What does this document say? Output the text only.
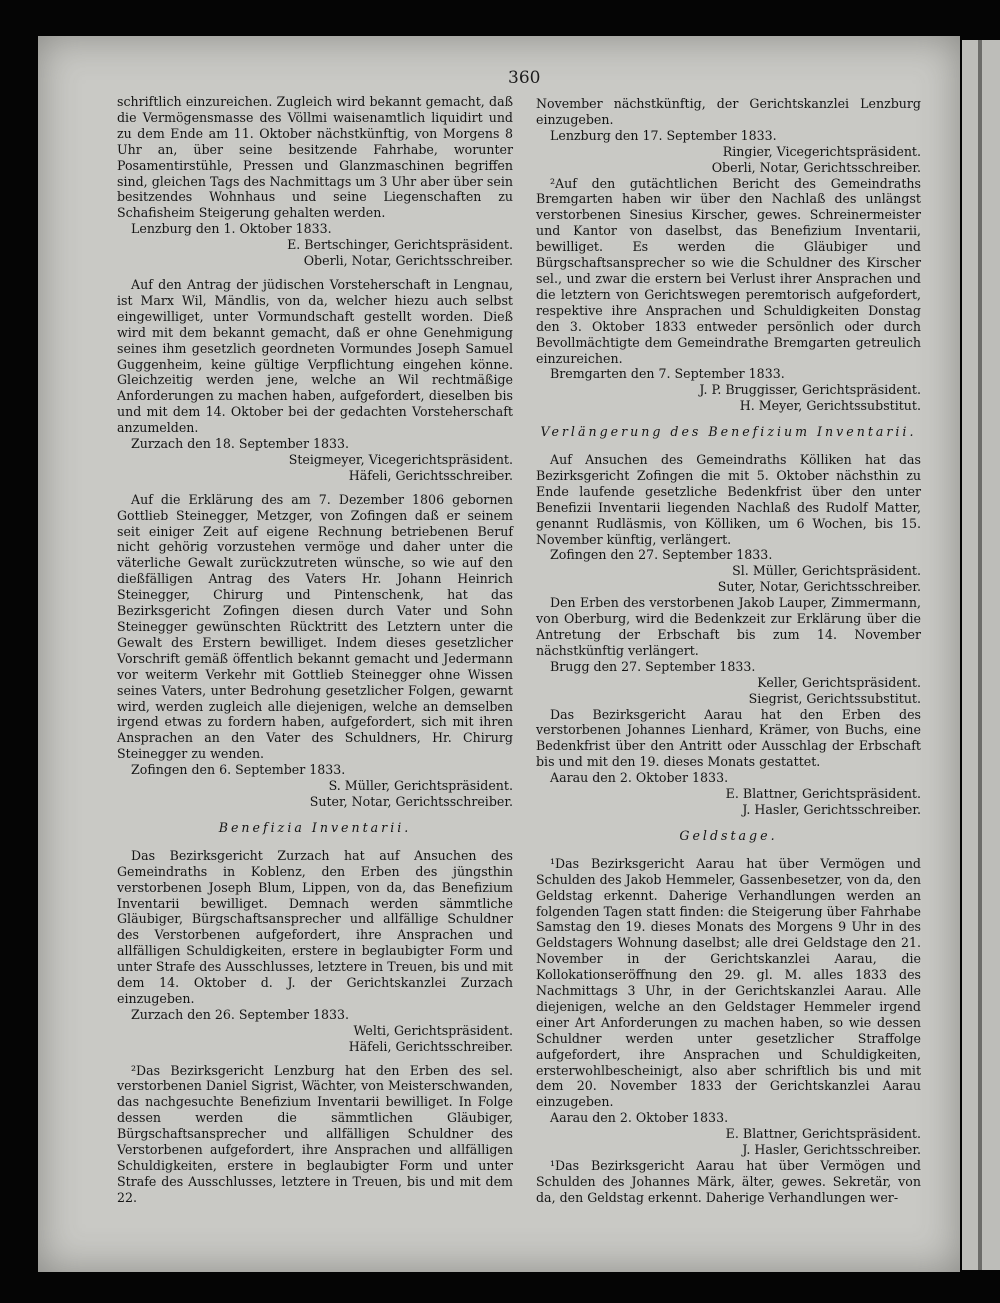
360

schriftlich einzureichen. Zugleich wird bekannt gemacht, daß die Vermögensmasse des Völlmi waisenamtlich liquidirt und zu dem Ende am 11. Oktober nächstkünftig, von Morgens 8 Uhr an, über seine besitzende Fahrhabe, worunter Posamentirstühle, Pressen und Glanzmaschinen begriffen sind, gleichen Tags des Nachmittags um 3 Uhr aber über sein besitzendes Wohnhaus und seine Liegenschaften zu Schafisheim Steigerung gehalten werden.

Lenzburg den 1. Oktober 1833.

E. Bertschinger, Gerichtspräsident.

Oberli, Notar, Gerichtsschreiber.

Auf den Antrag der jüdischen Vorsteherschaft in Lengnau, ist Marx Wil, Mändlis, von da, welcher hiezu auch selbst eingewilliget, unter Vormundschaft gestellt worden. Dieß wird mit dem bekannt gemacht, daß er ohne Genehmigung seines ihm gesetzlich geordneten Vormundes Joseph Samuel Guggenheim, keine gültige Verpflichtung eingehen könne. Gleichzeitig werden jene, welche an Wil rechtmäßige Anforderungen zu machen haben, aufgefordert, dieselben bis und mit dem 14. Oktober bei der gedachten Vorsteherschaft anzumelden.

Zurzach den 18. September 1833.

Steigmeyer, Vicegerichtspräsident.

Häfeli, Gerichtsschreiber.

Auf die Erklärung des am 7. Dezember 1806 gebornen Gottlieb Steinegger, Metzger, von Zofingen daß er seinem seit einiger Zeit auf eigene Rechnung betriebenen Beruf nicht gehörig vorzustehen vermöge und daher unter die väterliche Gewalt zurückzutreten wünsche, so wie auf den dießfälligen Antrag des Vaters Hr. Johann Heinrich Steinegger, Chirurg und Pintenschenk, hat das Bezirksgericht Zofingen diesen durch Vater und Sohn Steinegger gewünschten Rücktritt des Letztern unter die Gewalt des Erstern bewilliget. Indem dieses gesetzlicher Vorschrift gemäß öffentlich bekannt gemacht und Jedermann vor weiterm Verkehr mit Gottlieb Steinegger ohne Wissen seines Vaters, unter Bedrohung gesetzlicher Folgen, gewarnt wird, werden zugleich alle diejenigen, welche an demselben irgend etwas zu fordern haben, aufgefordert, sich mit ihren Ansprachen an den Vater des Schuldners, Hr. Chirurg Steinegger zu wenden.

Zofingen den 6. September 1833.

S. Müller, Gerichtspräsident.

Suter, Notar, Gerichtsschreiber.

Benefizia Inventarii.

Das Bezirksgericht Zurzach hat auf Ansuchen des Gemeindraths in Koblenz, den Erben des jüngsthin verstorbenen Joseph Blum, Lippen, von da, das Benefizium Inventarii bewilliget. Demnach werden sämmtliche Gläubiger, Bürgschaftsansprecher und allfällige Schuldner des Verstorbenen aufgefordert, ihre Ansprachen und allfälligen Schuldigkeiten, erstere in beglaubigter Form und unter Strafe des Ausschlusses, letztere in Treuen, bis und mit dem 14. Oktober d. J. der Gerichtskanzlei Zurzach einzugeben.

Zurzach den 26. September 1833.

Welti, Gerichtspräsident.

Häfeli, Gerichtsschreiber.

²Das Bezirksgericht Lenzburg hat den Erben des sel. verstorbenen Daniel Sigrist, Wächter, von Meisterschwanden, das nachgesuchte Benefizium Inventarii bewilliget. In Folge dessen werden die sämmtlichen Gläubiger, Bürgschaftsansprecher und allfälligen Schuldner des Verstorbenen aufgefordert, ihre Ansprachen und allfälligen Schuldigkeiten, erstere in beglaubigter Form und unter Strafe des Ausschlusses, letztere in Treuen, bis und mit dem 22.

November nächstkünftig, der Gerichtskanzlei Lenzburg einzugeben.

Lenzburg den 17. September 1833.

Ringier, Vicegerichtspräsident.

Oberli, Notar, Gerichtsschreiber.

²Auf den gutächtlichen Bericht des Gemeindraths Bremgarten haben wir über den Nachlaß des unlängst verstorbenen Sinesius Kirscher, gewes. Schreinermeister und Kantor von daselbst, das Benefizium Inventarii, bewilliget. Es werden die Gläubiger und Bürgschaftsansprecher so wie die Schuldner des Kirscher sel., und zwar die erstern bei Verlust ihrer Ansprachen und die letztern von Gerichtswegen peremtorisch aufgefordert, respektive ihre Ansprachen und Schuldigkeiten Donstag den 3. Oktober 1833 entweder persönlich oder durch Bevollmächtigte dem Gemeindrathe Bremgarten getreulich einzureichen.

Bremgarten den 7. September 1833.

J. P. Bruggisser, Gerichtspräsident.

H. Meyer, Gerichtssubstitut.

Verlängerung des Benefizium Inventarii.

Auf Ansuchen des Gemeindraths Kölliken hat das Bezirksgericht Zofingen die mit 5. Oktober nächsthin zu Ende laufende gesetzliche Bedenkfrist über den unter Benefizii Inventarii liegenden Nachlaß des Rudolf Matter, genannt Rudläsmis, von Kölliken, um 6 Wochen, bis 15. November künftig, verlängert.

Zofingen den 27. September 1833.

Sl. Müller, Gerichtspräsident.

Suter, Notar, Gerichtsschreiber.

Den Erben des verstorbenen Jakob Lauper, Zimmermann, von Oberburg, wird die Bedenkzeit zur Erklärung über die Antretung der Erbschaft bis zum 14. November nächstkünftig verlängert.

Brugg den 27. September 1833.

Keller, Gerichtspräsident.

Siegrist, Gerichtssubstitut.

Das Bezirksgericht Aarau hat den Erben des verstorbenen Johannes Lienhard, Krämer, von Buchs, eine Bedenkfrist über den Antritt oder Ausschlag der Erbschaft bis und mit den 19. dieses Monats gestattet.

Aarau den 2. Oktober 1833.

E. Blattner, Gerichtspräsident.

J. Hasler, Gerichtsschreiber.

Geldstage.

¹Das Bezirksgericht Aarau hat über Vermögen und Schulden des Jakob Hemmeler, Gassenbesetzer, von da, den Geldstag erkennt. Daherige Verhandlungen werden an folgenden Tagen statt finden: die Steigerung über Fahrhabe Samstag den 19. dieses Monats des Morgens 9 Uhr in des Geldstagers Wohnung daselbst; alle drei Geldstage den 21. November in der Gerichtskanzlei Aarau, die Kollokationseröffnung den 29. gl. M. alles 1833 des Nachmittags 3 Uhr, in der Gerichtskanzlei Aarau. Alle diejenigen, welche an den Geldstager Hemmeler irgend einer Art Anforderungen zu machen haben, so wie dessen Schuldner werden unter gesetzlicher Straffolge aufgefordert, ihre Ansprachen und Schuldigkeiten, ersterwohlbescheinigt, also aber schriftlich bis und mit dem 20. November 1833 der Gerichtskanzlei Aarau einzugeben.

Aarau den 2. Oktober 1833.

E. Blattner, Gerichtspräsident.

J. Hasler, Gerichtsschreiber.

¹Das Bezirksgericht Aarau hat über Vermögen und Schulden des Johannes Märk, älter, gewes. Sekretär, von da, den Geldstag erkennt. Daherige Verhandlungen wer-
